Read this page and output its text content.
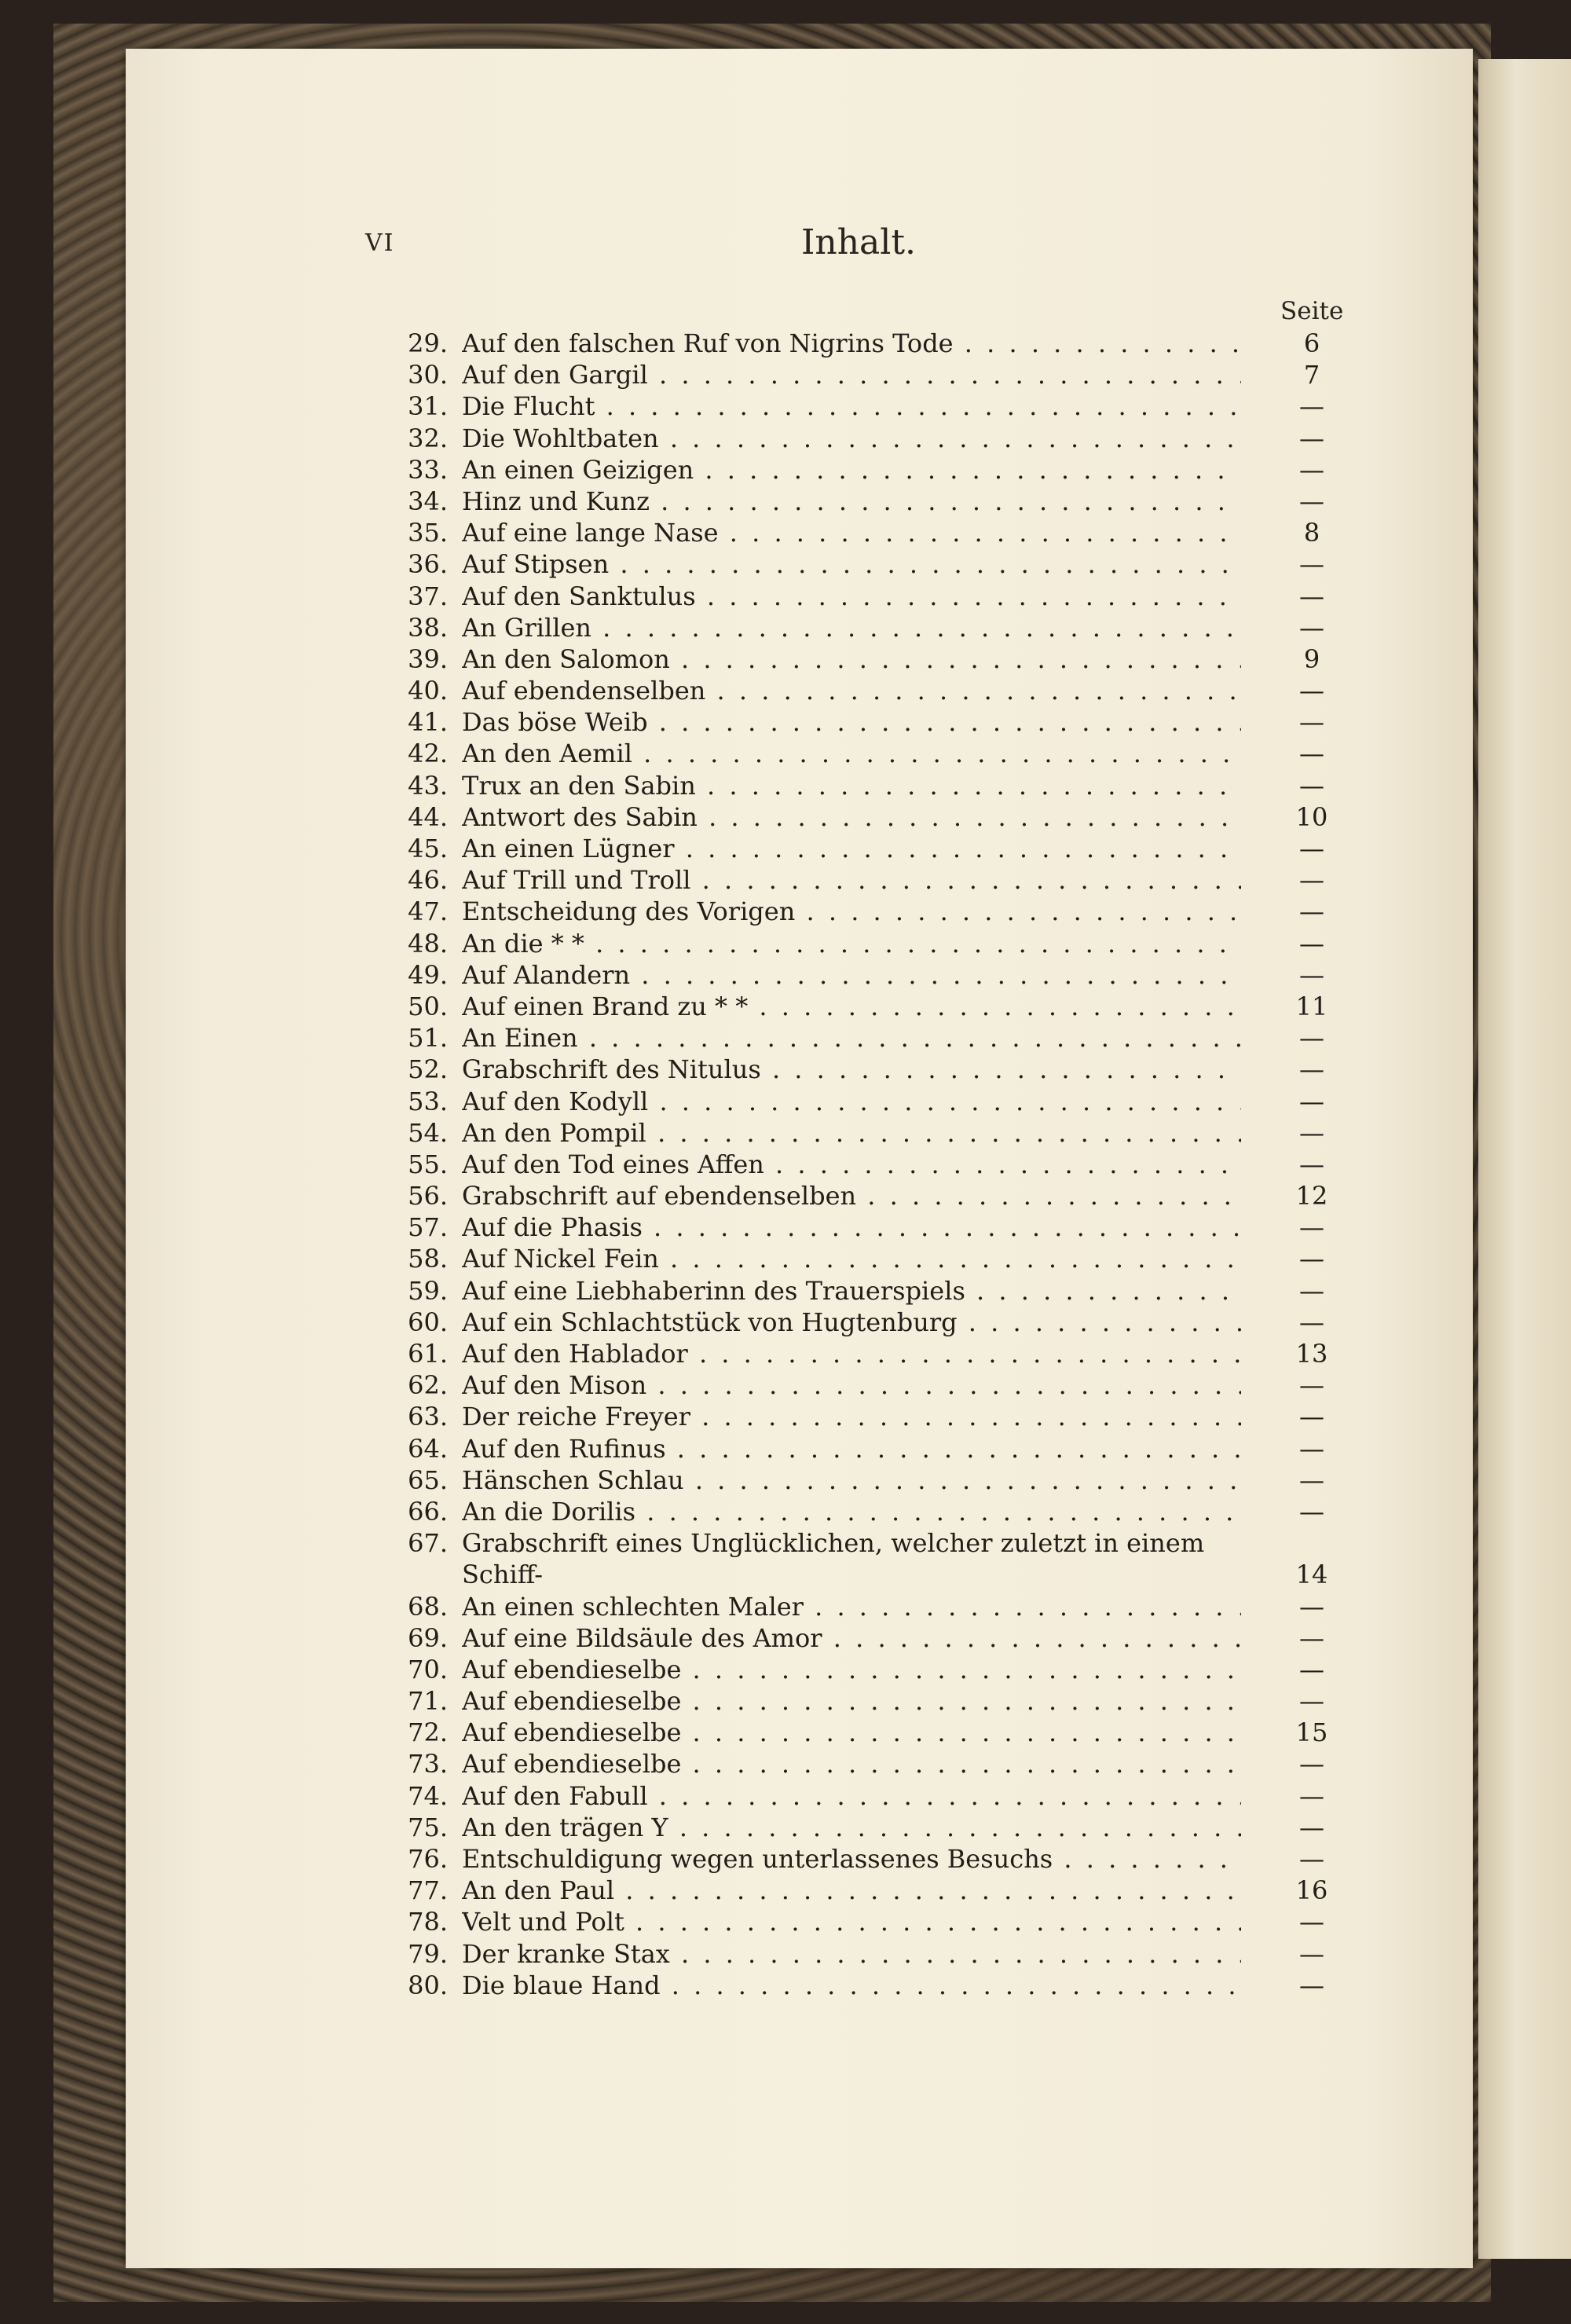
VI	Inhalt.
Seite
29. Auf den falschen Ruf von Nigrins Tode . . .	6
30. Auf den Gargil . . .	7
31. Die Flucht . . .	—
32. Die Wohltbaten . . .	—
33. An einen Geizigen . . .	—
34. Hinz und Kunz . . .	—
35. Auf eine lange Nase . . .	8
36. Auf Stipsen . . .	—
37. Auf den Sanktulus . . .	—
38. An Grillen . . .	—
39. An den Salomon . . .	9
40. Auf ebendenselben . . .	—
41. Das böse Weib . . .	—
42. An den Aemil . . .	—
43. Trux an den Sabin . . .	—
44. Antwort des Sabin . . .	10
45. An einen Lügner . . .	—
46. Auf Trill und Troll . . .	—
47. Entscheidung des Vorigen . . .	—
48. An die * * . . .	—
49. Auf Alandern . . .	—
50. Auf einen Brand zu * * . . .	11
51. An Einen . . .	—
52. Grabschrift des Nitulus . . .	—
53. Auf den Kodyll . . .	—
54. An den Pompil . . .	—
55. Auf den Tod eines Affen . . .	—
56. Grabschrift auf ebendenselben . . .	12
57. Auf die Phasis . . .	—
58. Auf Nickel Fein . . .	—
59. Auf eine Liebhaberinn des Trauerspiels . . .	—
60. Auf ein Schlachtstück von Hugtenburg . . .	—
61. Auf den Hablador . . .	13
62. Auf den Mison . . .	—
63. Der reiche Freyer . . .	—
64. Auf den Rufinus . . .	—
65. Hänschen Schlau . . .	—
66. An die Dorilis . . .	—
67. Grabschrift eines Unglücklichen, welcher zuletzt in einem Schiff-	14
68. An einen schlechten Maler . . .	—
69. Auf eine Bildsäule des Amor . . .	—
70. Auf ebendieselbe . . .	—
71. Auf ebendieselbe . . .	—
72. Auf ebendieselbe . . .	15
73. Auf ebendieselbe . . .	—
74. Auf den Fabull . . .	—
75. An den trägen Y . . .	—
76. Entschuldigung wegen unterlassenes Besuchs . . .	—
77. An den Paul . . .	16
78. Velt und Polt . . .	—
79. Der kranke Stax . . .	—
80. Die blaue Hand . . .	—
